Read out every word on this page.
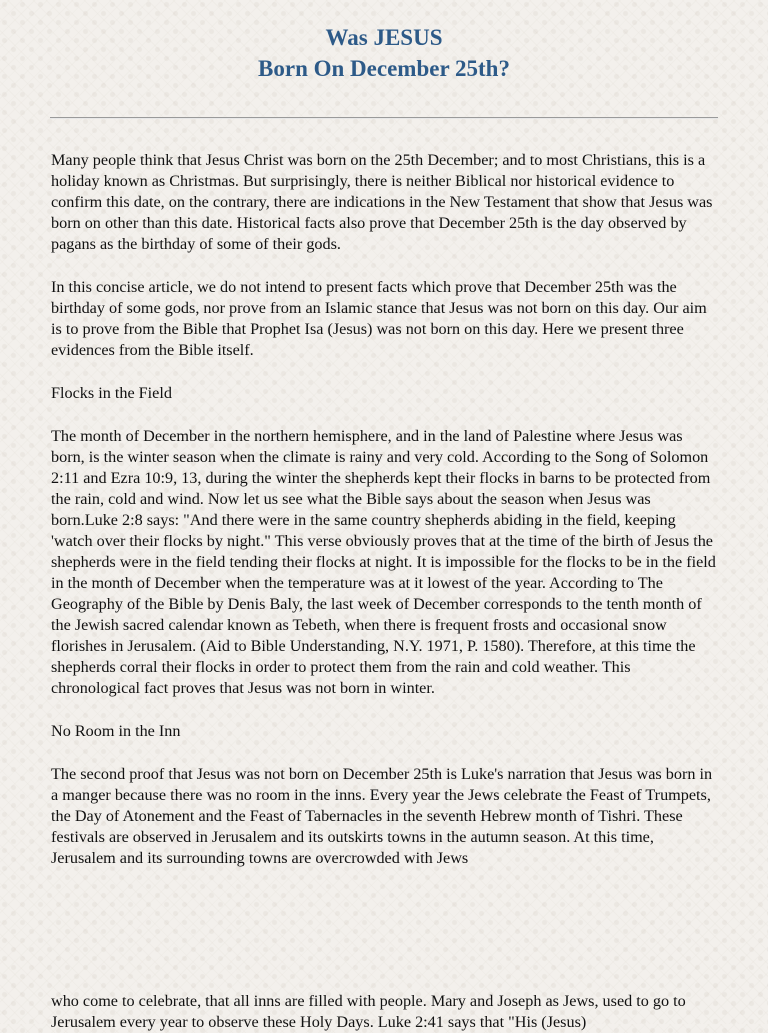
Was JESUS
Born On December 25th?

Many people think that Jesus Christ was born on the 25th December; and to most Christians, this is a holiday known as Christmas. But surprisingly, there is neither Biblical nor historical evidence to confirm this date, on the contrary, there are indications in the New Testament that show that Jesus was born on other than this date. Historical facts also prove that December 25th is the day observed by pagans as the birthday of some of their gods.

In this concise article, we do not intend to present facts which prove that December 25th was the birthday of some gods, nor prove from an Islamic stance that Jesus was not born on this day. Our aim is to prove from the Bible that Prophet Isa (Jesus) was not born on this day. Here we present three evidences from the Bible itself.

Flocks in the Field

The month of December in the northern hemisphere, and in the land of Palestine where Jesus was born, is the winter season when the climate is rainy and very cold. According to the Song of Solomon 2:11 and Ezra 10:9, 13, during the winter the shepherds kept their flocks in barns to be protected from the rain, cold and wind. Now let us see what the Bible says about the season when Jesus was born.Luke 2:8 says: "And there were in the same country shepherds abiding in the field, keeping 'watch over their flocks by night." This verse obviously proves that at the time of the birth of Jesus the shepherds were in the field tending their flocks at night. It is impossible for the flocks to be in the field in the month of December when the temperature was at it lowest of the year. According to The Geography of the Bible by Denis Baly, the last week of December corresponds to the tenth month of the Jewish sacred calendar known as Tebeth, when there is frequent frosts and occasional snow florishes in Jerusalem. (Aid to Bible Understanding, N.Y. 1971, P. 1580). Therefore, at this time the shepherds corral their flocks in order to protect them from the rain and cold weather. This chronological fact proves that Jesus was not born in winter.

No Room in the Inn

The second proof that Jesus was not born on December 25th is Luke's narration that Jesus was born in a manger because there was no room in the inns. Every year the Jews celebrate the Feast of Trumpets, the Day of Atonement and the Feast of Tabernacles in the seventh Hebrew month of Tishri. These festivals are observed in Jerusalem and its outskirts towns in the autumn season. At this time, Jerusalem and its surrounding towns are overcrowded with Jews

who come to celebrate, that all inns are filled with people. Mary and Joseph as Jews, used to go to Jerusalem every year to observe these Holy Days. Luke 2:41 says that "His (Jesus)
